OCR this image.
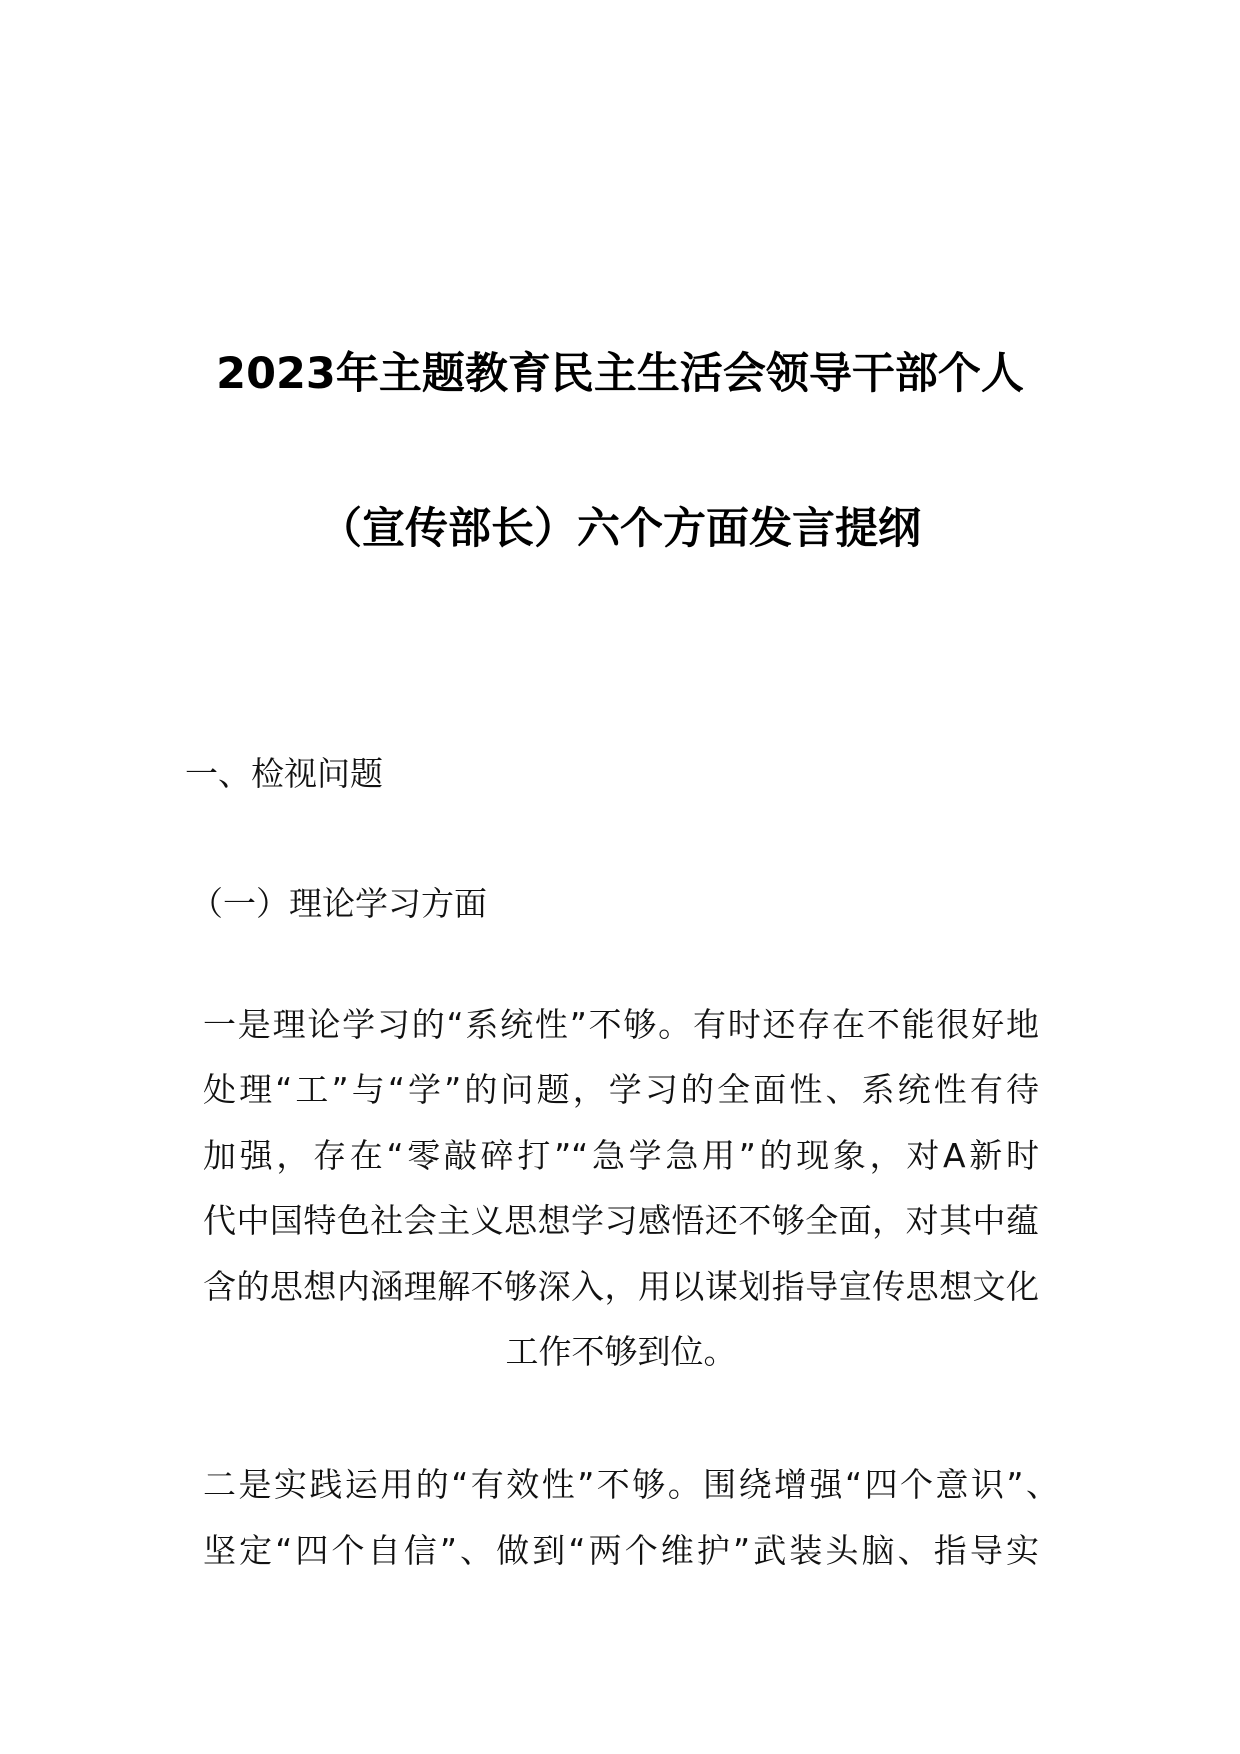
2023年主题教育民主生活会领导干部个人
（宣传部长）六个方面发言提纲
一、检视问题
（一）理论学习方面
一是理论学习的“系统性”不够。有时还存在不能很好地
处理“工”与“学”的问题，学习的全面性、系统性有待
加强，存在“零敲碎打”“急学急用”的现象，对A新时
代中国特色社会主义思想学习感悟还不够全面，对其中蕴
含的思想内涵理解不够深入，用以谋划指导宣传思想文化
工作不够到位。
二是实践运用的“有效性”不够。围绕增强“四个意识”、
坚定“四个自信”、做到“两个维护”武装头脑、指导实
